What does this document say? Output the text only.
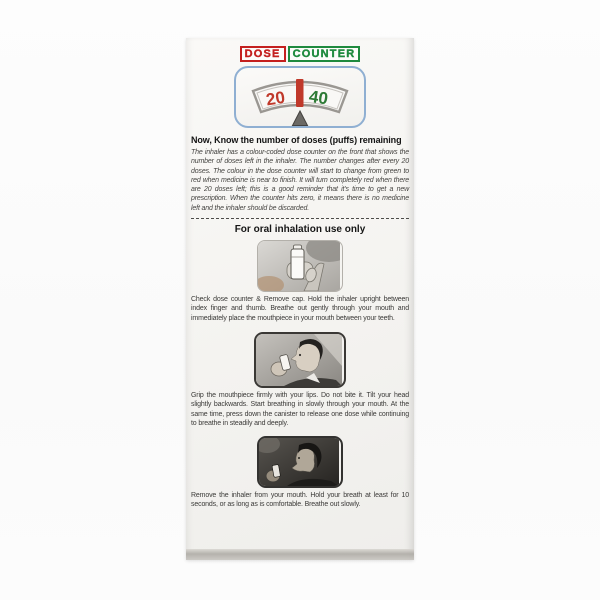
DOSE COUNTER
20 40
Now, Know the number of doses (puffs) remaining
The inhaler has a colour-coded dose counter on the front that shows the number of doses left in the inhaler. The number changes after every 20 doses. The colour in the dose counter will start to change from green to red when medicine is near to finish. It will turn completely red when there are 20 doses left; this is a good reminder that it's time to get a new prescription. When the counter hits zero, it means there is no medicine left and the inhaler should be discarded.
For oral inhalation use only
Check dose counter & Remove cap. Hold the inhaler upright between index finger and thumb. Breathe out gently through your mouth and immediately place the mouthpiece in your mouth between your teeth.
Grip the mouthpiece firmly with your lips. Do not bite it. Tilt your head slightly backwards. Start breathing in slowly through your mouth. At the same time, press down the canister to release one dose while continuing to breathe in steadily and deeply.
Remove the inhaler from your mouth. Hold your breath at least for 10 seconds, or as long as is comfortable. Breathe out slowly.
